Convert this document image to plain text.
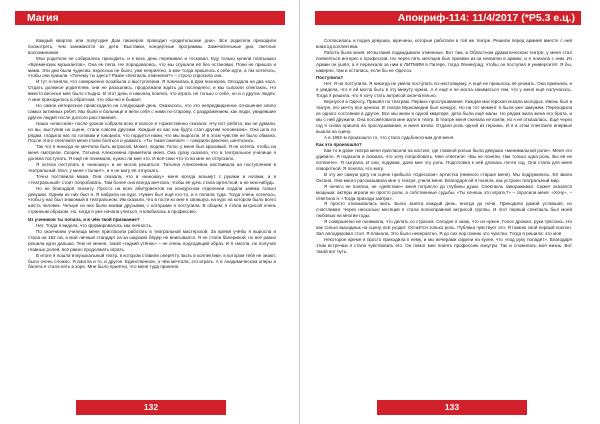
Магия

Каждый квартал или полугодие Дом пионеров проводил «родительские дни». Все родители приходили посмотреть, чем занимаются их дети. Выставки, концертные программы. Замечательные дни, светлые воспоминания.

Мои родители не собирались приходить, и я весь день переживал и тосковал. Еду только купили платьишко «Бременских музыкантов». Она ее пела. Не порадовались, что мы слушали её без остановки. Пони не пришла и мама. Эти дни были чудесны, взрослых не было, уже неприятно, а мне тогда пришлось к себе идти, а так хотелось, чтобы они пришли. «Почему ты здесь? Разве спектакль отменили?» – строго спросила она.

И тут я поняла, что совершенно позабыла о выступлении. Я помчалась в Дом пионеров. Опоздала на два часа. Отдать должное родителям, они не разошлись, продолжали ждать до последнего, и мы сыграли спектакль. Но вместо веселья мне было стыдно. В этот день я наконец поняла, что играть не только о себе, но и о других людях. А мне приходилось в обратном, что обычно и бывает.

Но самое интересное происходило на следующий день. Оказалось, что это непредвиденное отношение злило самых активных ребят. Мы были в больнице и вели себя с ними по-старому, с раздражением, как люди, увидевшие других людей после долгого расставания.

Наша «классная» после уроков собрала всех в классе и торжественно сказала: «Ну вот, ребята, мы не думали, но вы, выступив на сцене, стали совсем другими. Каждый из вас как будто стал другим человеком». Она шла по рядам, гладила нас по головам и говорила, что гордится нами, что мы выросли. И в этом чувстве не было обмана. После этого спектакля меня стали бояться и уважать. «Ты такая смелая!» – говорили девочки, шептались.

Так что я никогда не мечтала быть актрисой. Может, людям. Голос у меня был красивый. Я не хотела, чтобы на меня смотрели. Скорее, Татьяна Алексеевна приметила меня. Она сразу сказала, что в театральное училище я должна поступать. Я ещё не понимала, нужно ли мне это. И всё-таки что-то во мне не отпускало.

Я хотела поступать в «киношку» и не могла решиться. Татьяна Алексеевна настаивала на поступлении в театральный. Мол, у меня «талант», и я не могу её отпускать.

Точно поставила мама. Она сказала, что в «киношку» меня всегда возьмут с руками и ногами, а в «театральный» стоит попробовать. Там более она всегда мечтала, чтобы её дочь стала артисткой, а не кем-нибудь.

Но не благодаря таланту. Просто на всех абитуриентов на конкурсном отделении подали заявки только девушки. Одним из них был я. Я набрала на курс. Нужен был ещё кто-то, и я попала туда. Тогда очень хотелось, чтобы у нас был знакомый в театральном. Им сказали, что в гости ко мне я запишусь на курс на котором было всего шесть человек. Четыре из них были моими друзьями, с которыми я поступила. В общем, я стала актрисой очень странным образом. Но, когда я уже начала учиться, я влюбилась в профессию.

Из учеников ты попала, и в чём твой призвание?

Нет. Тогда я видела, что формировалось как личность.

По окончании училища меня пригласили работать в театральной мастерской. За время учёбы я выросла и стала на 182 см, а мой личный стандарт из-за широких бёдер не вписывался. Я не стала балериной, но всё равно решила идти дальше. Тем не менее, такой «гадкий утёнок» – не очень подходящий образ. И я смогла, не получая главных ролей, всё равно продолжать играть.

В итоге я пошла в музыкальный театр, в котором ставили оперетту. Быть в коллективе, в котором тебя не знают, было очень сложно. Я смогла и то, и другое. Единственное, о чём мечтала, это играть. А в Академическом оперы и балета я стала петь в хоре. Мне было приятно, что меня туда приняли.

132
Апокриф-114: 11/4/2017 (*Р5.3 е.ц.)

Согласилась и подна девушка, мужчины, которые работали в той же театре. Решили перед армией вместе с ней вовзгод коллектива.

Работа была моей. Испытания подкидывали отменные. Вот там, в Областном драматическом театре, у меня стал появляться интерес к профессии. Но через пять месяцев был призван из-за нехватки в армию, и я поехала с ним. Из Армии он ушёл, а я переехала за ним в ЛИТМИМ в Питере, тогда Ленинград, чтобы он поступил в университет. Я бы, наверно, там и осталась, если бы не Одесса.

Поступила?

Нет. Я не поступила. Я никогда не умела поступать по-настоящему. А ещё не пришлось её уезжать. Они приехали, и я увидела, что я ей могла быть в эту минуту нужна. А я ещё и не могла заниматься тем, что у меня ещё получалось. Тогда я решила, что я хочу стать актрисой окончательно.

Вернулся в Одессу. Пришёл по театрам. Первые прослушивания. Каждая мастерская искала молодых. Ивонь был в театре, его мечту все ценили. В театре Музкомедии был конкурс. Но на тот момент я была уже замужем. Переходила из одного состояния в другое. Все мы жили в одной квартире, дети были ещё малы. Но рядом жила жена его брата, и мы с ней дружили. Она посоветовала мне идти в театр. В театре меня сначала не взяли, но я не отказалась. Ещё через год я снова пришла на прослушивание, и меня взяли. Отдали роль одной из героинь. И я в этом спектакле впервые вышла на сцену.

А в 1992-м произошло то, что стало судьбоносным для меня.

Как это произошло?

Как-то в доме театра меня пригласили на кастинг, где главной ролью была девушка «минимальной роли». Меня это удивило. Я подошла и сказала, что хочу попробовать. Мне ответили: «Вы не поняли, там только одна роль. Вы её не потянете». Я сыграла. И они, подумав, дали мне эту роль. Подготовка к ней длилась почти год. Она стала для меня поворотной. Я поняла, что могу.

В эту же самую дату на сцене прибыла «Одесская» артистка (немного старше меня). Мы подружились. Её звали Оксана. Она много рассказывала мне о театре, учила меня. Благодаря ей я поняла, как устроен театральный мир.

Я ничего не поняла, не «действие» меня потрясло до глубины души. Спектакль завораживал. Сюжет оказался мощным: актёры играли не просто роли, а собственные судьбы. «Ты хочешь это играть?» – спросили меня. «Хочу», – ответила я. «Тогда приходи завтра».

Я просто отказывалась жить. Была занята каждый день, иногда до ночи. Приходила домой уставшая, но счастливая. Через несколько месяцев я стала полноправной актрисой труппы. И этот первый спектакль был моей любовью на многие годы.

Я совершенно не понимала, что делать со страхом. Сегодня я знаю, что он нужен. Голос дрожал, руки тряслись. Но как только выходишь на сцену, всё уходит. Остаётся только роль. Публика чувствует это. Я помню свой первый поклон. Зал аплодировал стоя. Я плакала. Это было невероятно. Я до сих пор помню это чувство. Тогда я решила: это моё.

Некоторое время я просто приходила к нему, и мы вечерами сидели на кухне, что «под руку попадёт». Благодаря этим встречам я стала чувствовать его. Он помог мне понять профессию изнутри. Так и сложилась моя жизнь. Вот такой вот путь.

133
